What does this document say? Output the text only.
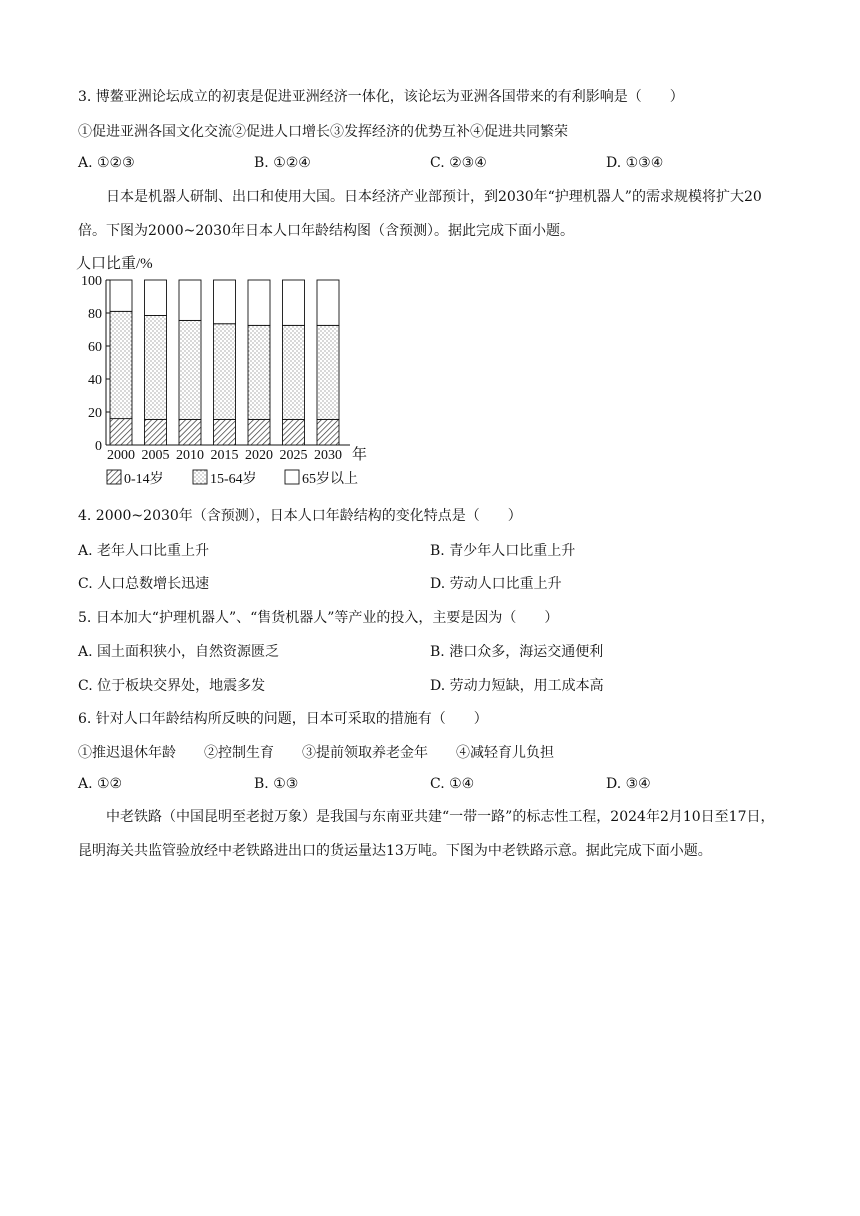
3. 博鳌亚洲论坛成立的初衷是促进亚洲经济一体化，该论坛为亚洲各国带来的有利影响是（　　）
①促进亚洲各国文化交流②促进人口增长③发挥经济的优势互补④促进共同繁荣
A. ①②③	B. ①②④	C. ②③④	D. ①③④
日本是机器人研制、出口和使用大国。日本经济产业部预计，到2030年“护理机器人”的需求规模将扩大20倍。下图为2000~2030年日本人口年龄结构图（含预测）。据此完成下面小题。
人口比重/%
0
20
40
60
80
100
2000 2005 2010 2015 2020 2025 2030 年
0-14岁	15-64岁	65岁以上
4. 2000~2030年（含预测），日本人口年龄结构的变化特点是（　　）
A. 老年人口比重上升	B. 青少年人口比重上升
C. 人口总数增长迅速	D. 劳动人口比重上升
5. 日本加大“护理机器人”、“售货机器人”等产业的投入，主要是因为（　　）
A. 国土面积狭小，自然资源匮乏	B. 港口众多，海运交通便利
C. 位于板块交界处，地震多发	D. 劳动力短缺，用工成本高
6. 针对人口年龄结构所反映的问题，日本可采取的措施有（　　）
①推迟退休年龄　　②控制生育　　③提前领取养老金年　　④减轻育儿负担
A. ①②	B. ①③	C. ①④	D. ③④
中老铁路（中国昆明至老挝万象）是我国与东南亚共建“一带一路”的标志性工程，2024年2月10日至17日，昆明海关共监管验放经中老铁路进出口的货运量达13万吨。下图为中老铁路示意。据此完成下面小题。
